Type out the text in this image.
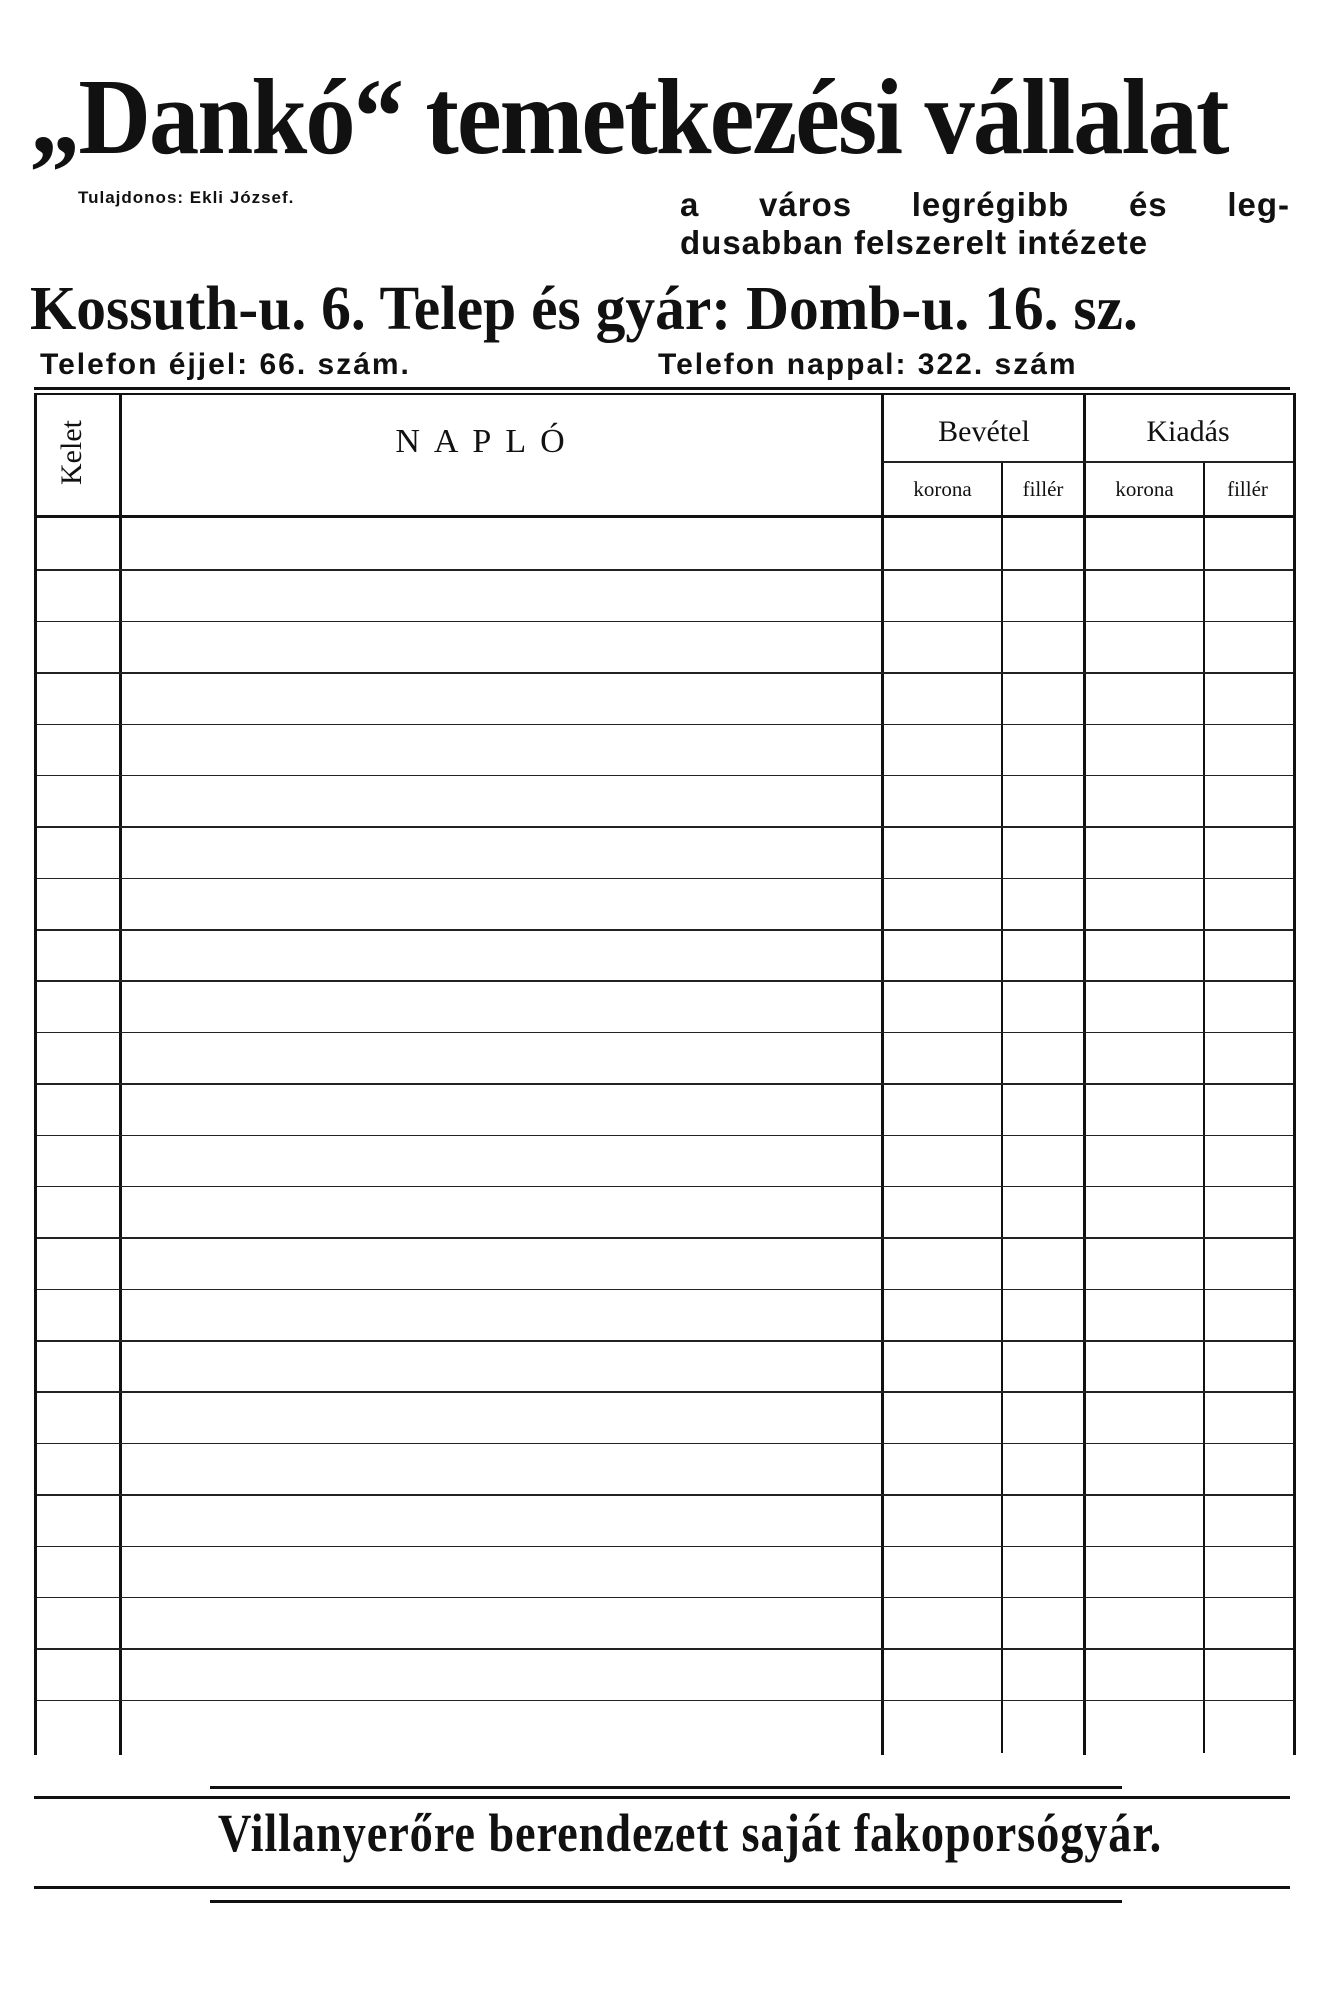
„Dankó“ temetkezési vállalat
Tulajdonos: Ekli József.	a város legrégibb és leg-
dusabban felszerelt intézete
Kossuth-u. 6. Telep és gyár: Domb-u. 16. sz.
Telefon éjjel: 66. szám.	Telefon nappal: 322. szám
Kelet	NAPLÓ	Bevétel	Kiadás
korona	fillér	korona	fillér
Villanyerőre berendezett saját fakoporsógyár.
